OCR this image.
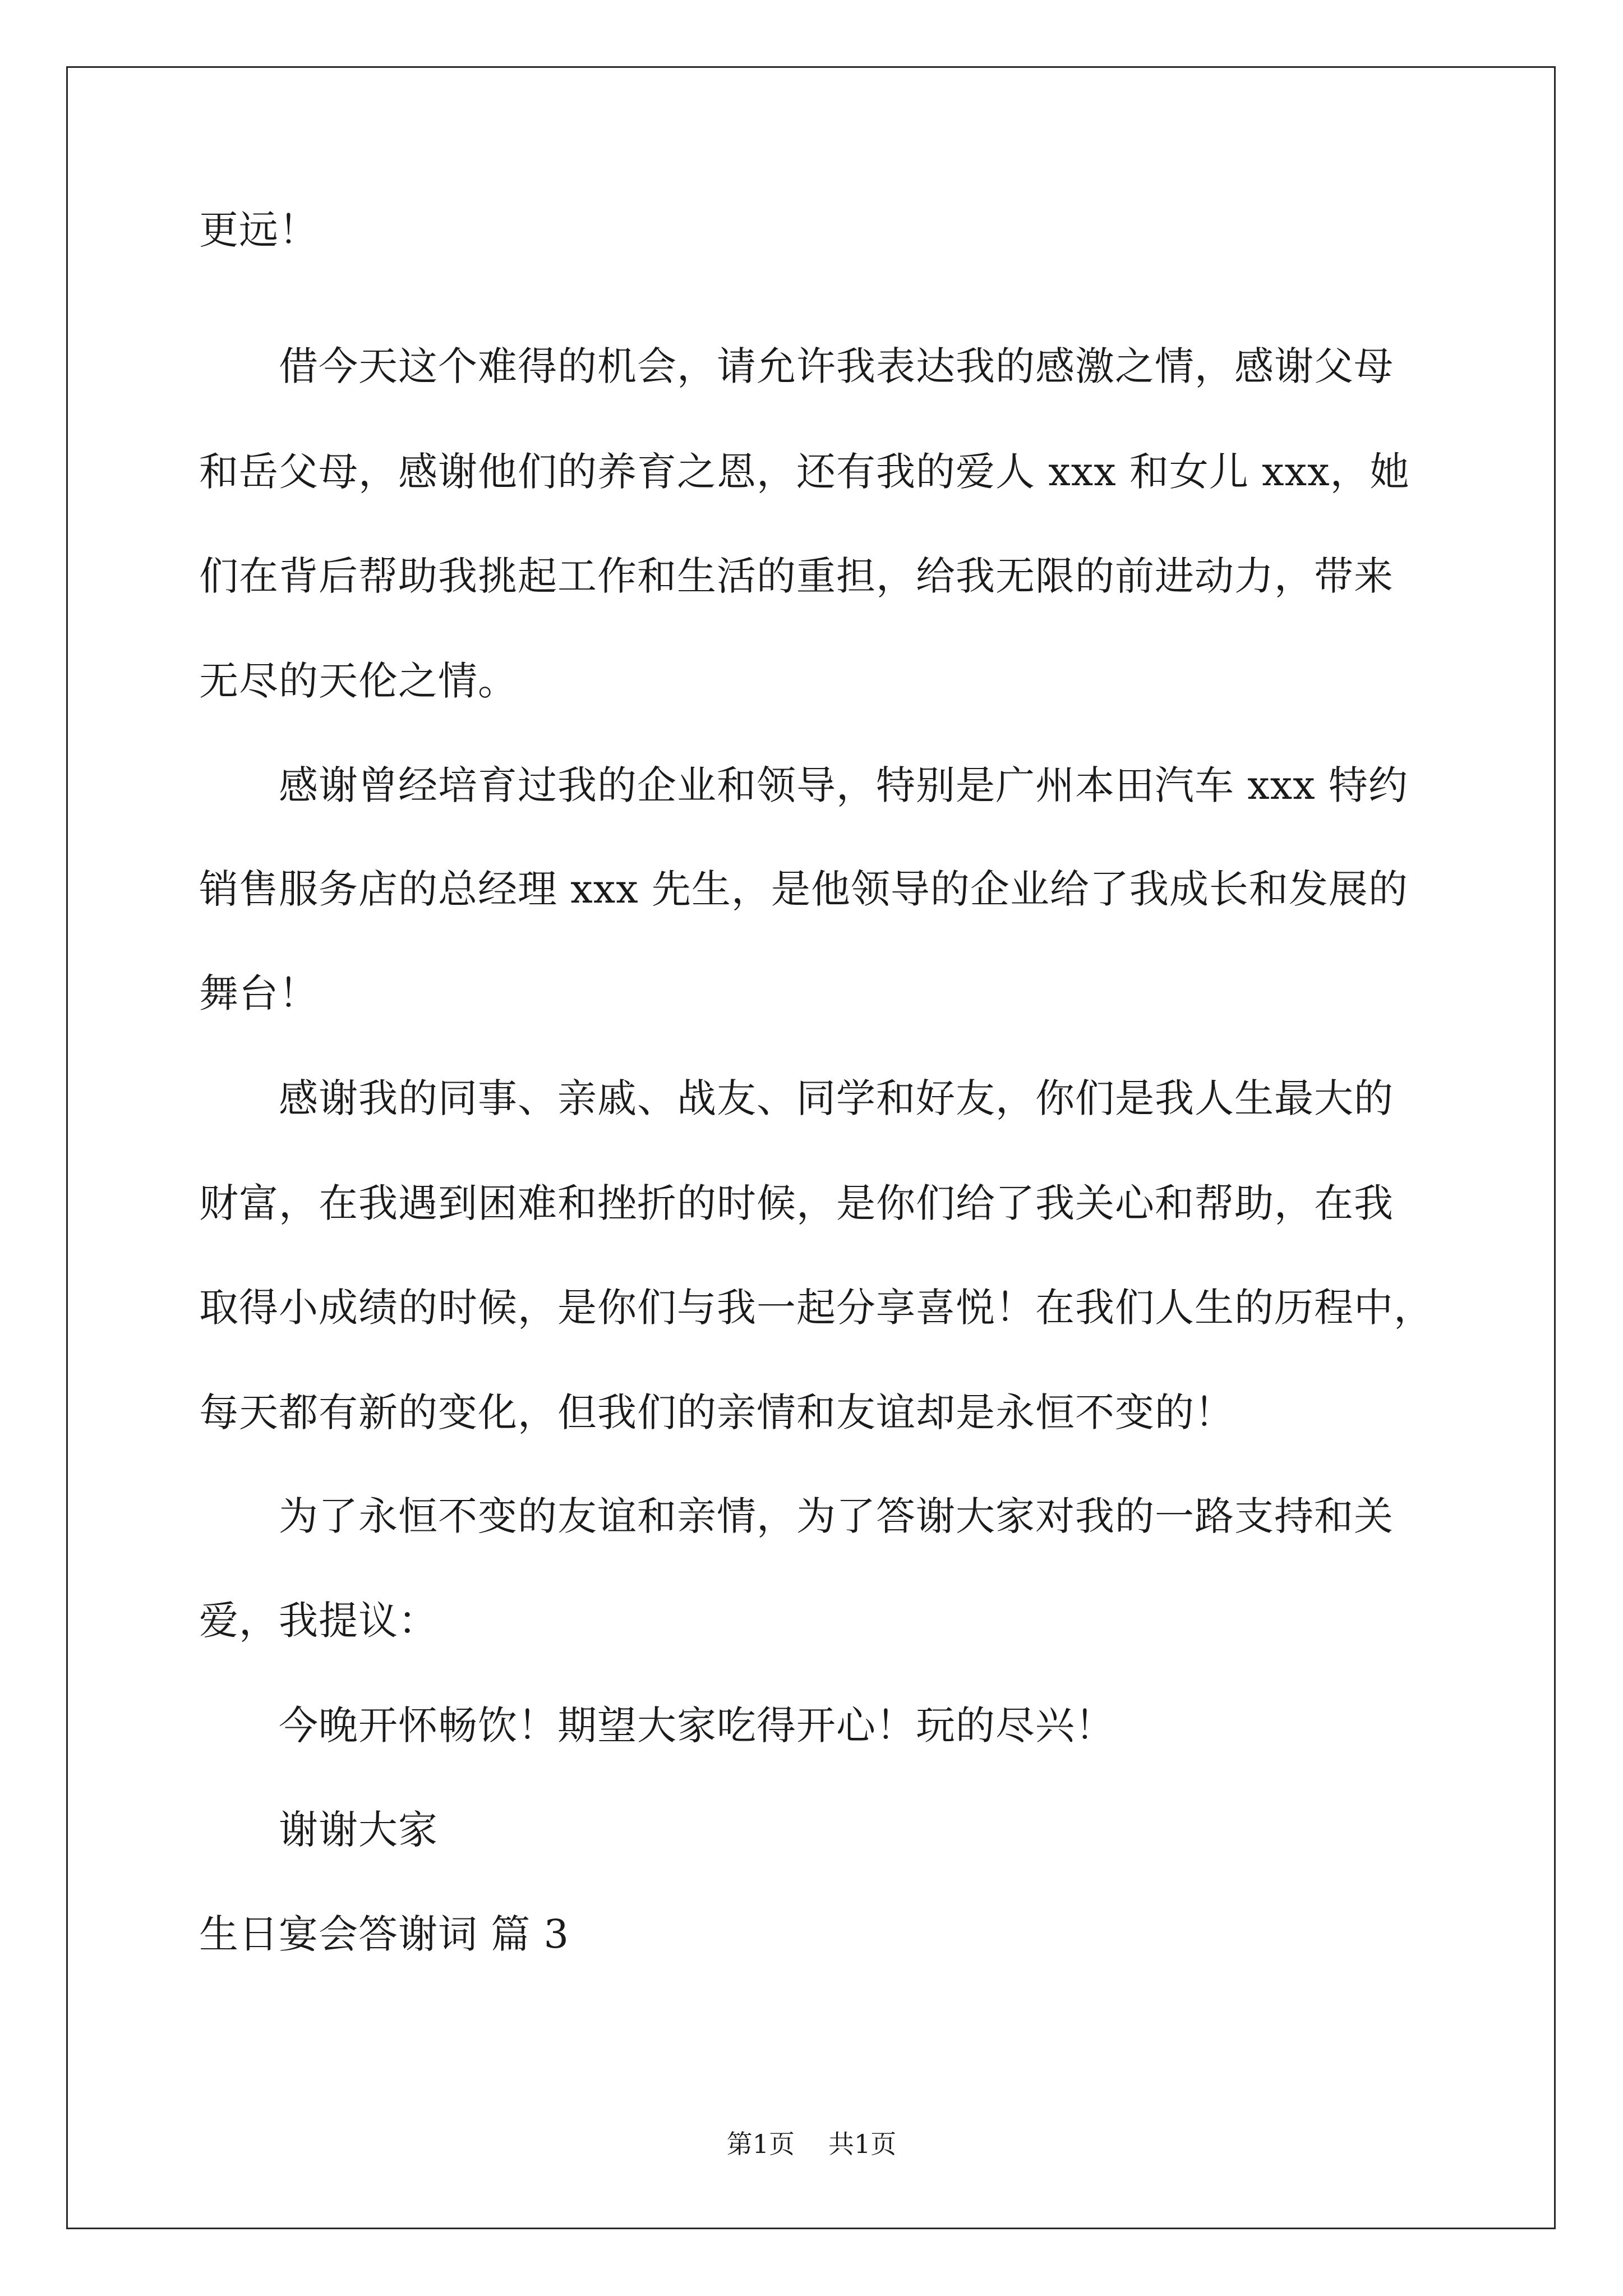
更远！
　　借今天这个难得的机会，请允许我表达我的感激之情，感谢父母
和岳父母，感谢他们的养育之恩，还有我的爱人 xxx 和女儿 xxx，她
们在背后帮助我挑起工作和生活的重担，给我无限的前进动力，带来
无尽的天伦之情。
　　感谢曾经培育过我的企业和领导，特别是广州本田汽车 xxx 特约
销售服务店的总经理 xxx 先生，是他领导的企业给了我成长和发展的
舞台！
　　感谢我的同事、亲戚、战友、同学和好友，你们是我人生最大的
财富，在我遇到困难和挫折的时候，是你们给了我关心和帮助，在我
取得小成绩的时候，是你们与我一起分享喜悦！在我们人生的历程中，
每天都有新的变化，但我们的亲情和友谊却是永恒不变的！
　　为了永恒不变的友谊和亲情，为了答谢大家对我的一路支持和关
爱，我提议：
　　今晚开怀畅饮！期望大家吃得开心！玩的尽兴！
　　谢谢大家
生日宴会答谢词 篇 3
第1页 共1页
